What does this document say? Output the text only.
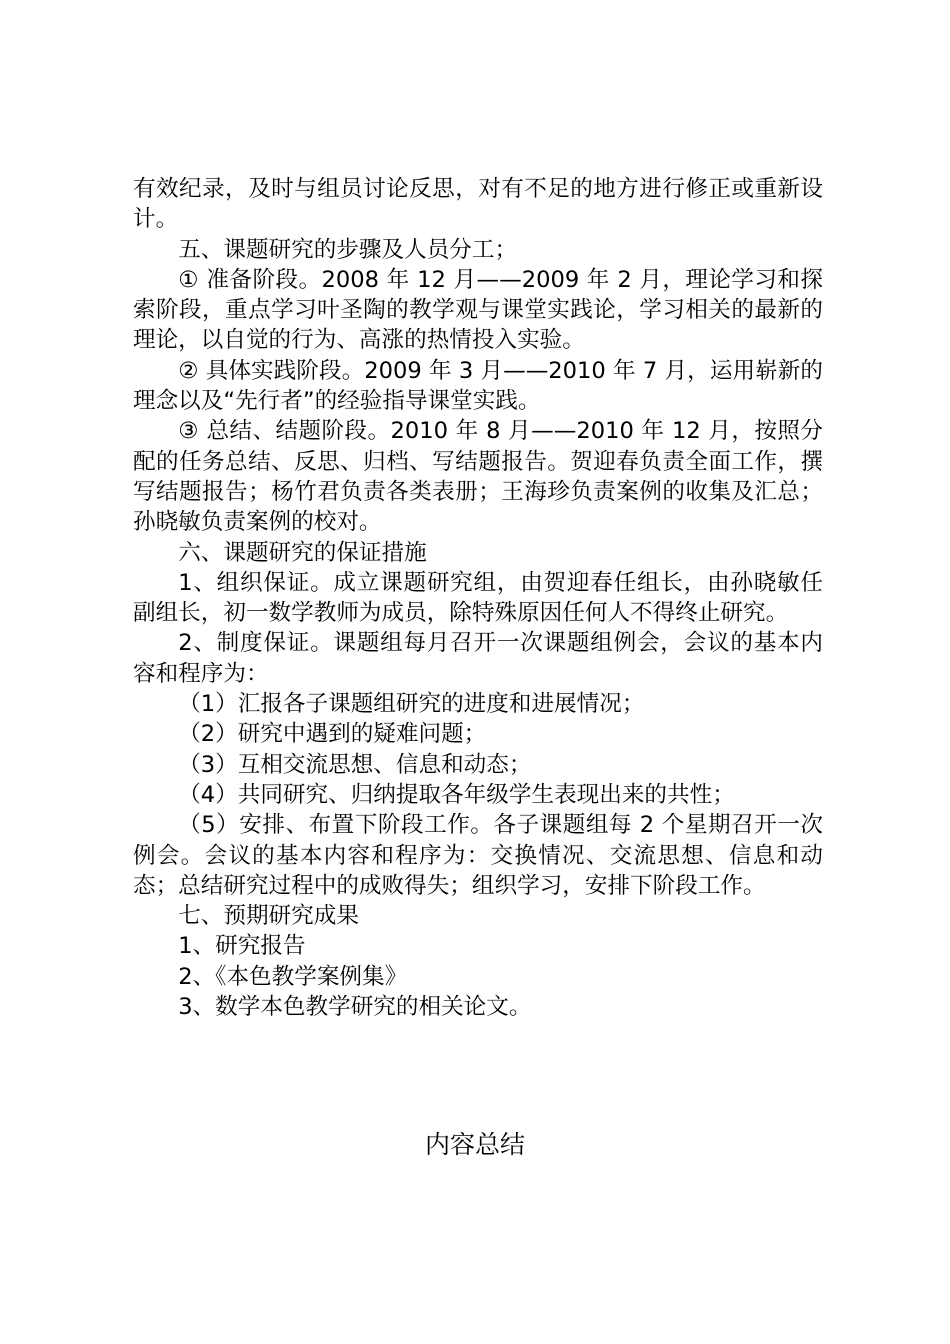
有效纪录，及时与组员讨论反思，对有不足的地方进行修正或重新设计。

五、课题研究的步骤及人员分工；

① 准备阶段。2008 年 12 月——2009 年 2 月，理论学习和探索阶段，重点学习叶圣陶的教学观与课堂实践论，学习相关的最新的理论，以自觉的行为、高涨的热情投入实验。

② 具体实践阶段。2009 年 3 月——2010 年 7 月，运用崭新的理念以及“先行者”的经验指导课堂实践。

③ 总结、结题阶段。2010 年 8 月——2010 年 12 月，按照分配的任务总结、反思、归档、写结题报告。贺迎春负责全面工作，撰写结题报告；杨竹君负责各类表册；王海珍负责案例的收集及汇总；孙晓敏负责案例的校对。

六、课题研究的保证措施

1、组织保证。成立课题研究组，由贺迎春任组长，由孙晓敏任副组长，初一数学教师为成员，除特殊原因任何人不得终止研究。

2、制度保证。课题组每月召开一次课题组例会，会议的基本内容和程序为：

（1）汇报各子课题组研究的进度和进展情况；

（2）研究中遇到的疑难问题；

（3）互相交流思想、信息和动态；

（4）共同研究、归纳提取各年级学生表现出来的共性；

（5）安排、布置下阶段工作。各子课题组每 2 个星期召开一次例会。会议的基本内容和程序为：交换情况、交流思想、信息和动态；总结研究过程中的成败得失；组织学习，安排下阶段工作。

七、预期研究成果

1、研究报告

2、《本色教学案例集》

3、数学本色教学研究的相关论文。

内容总结
